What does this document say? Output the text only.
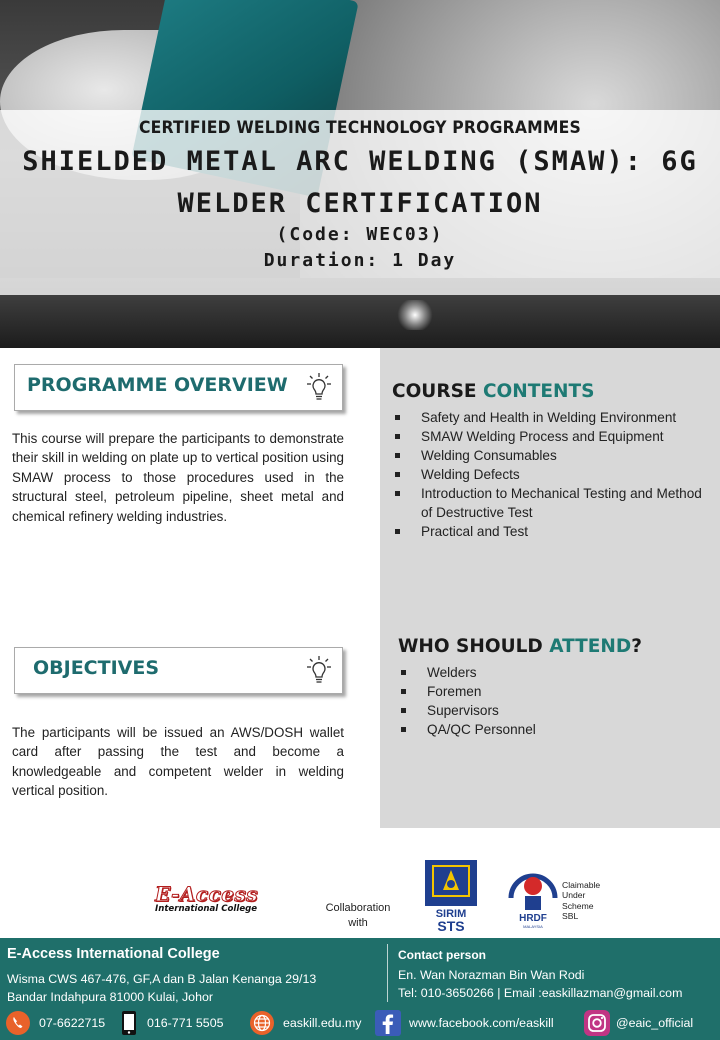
CERTIFIED WELDING TECHNOLOGY PROGRAMMES
SHIELDED METAL ARC WELDING (SMAW): 6G
WELDER CERTIFICATION
(Code: WEC03)
Duration: 1 Day
PROGRAMME OVERVIEW
This course will prepare the participants to demonstrate their skill in welding on plate up to vertical position using SMAW process to those procedures used in the structural steel, petroleum pipeline, sheet metal and chemical refinery welding industries.
OBJECTIVES
The participants will be issued an AWS/DOSH wallet card after passing the test and become a knowledgeable and competent welder in welding vertical position.
COURSE CONTENTS
Safety and Health in Welding Environment
SMAW Welding Process and Equipment
Welding Consumables
Welding Defects
Introduction to Mechanical Testing and Method of Destructive Test
Practical and Test
WHO SHOULD ATTEND?
Welders
Foremen
Supervisors
QA/QC Personnel
E-Access
International College	Collaboration
with
SIRIM
STS	HRDF
MALAYSIA
Claimable
Under
Scheme
SBL
E-Access International College
Wisma CWS 467-476, GF,A dan B Jalan Kenanga 29/13
Bandar Indahpura 81000 Kulai, Johor
Contact person
En. Wan Norazman Bin Wan Rodi
Tel: 010-3650266 | Email :easkillazman@gmail.com
07-6622715	016-771 5505	easkill.edu.my	www.facebook.com/easkill	@eaic_official
